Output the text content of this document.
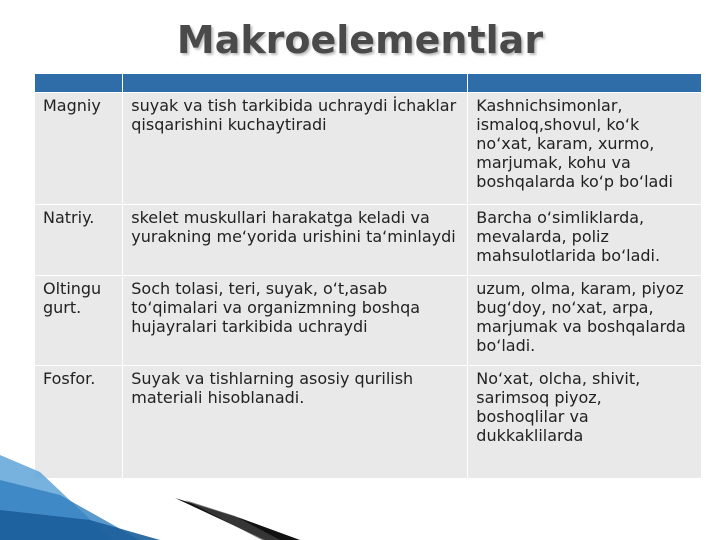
Makroelementlar

Magniy	suyak va tish tarkibida uchraydi İchaklar qisqarishini kuchaytiradi	Kashnichsimonlar, ismaloq,shovul, ko‘k no‘xat, karam, xurmo, marjumak, kohu va boshqalarda ko‘p bo‘ladi
Natriy.	skelet muskullari harakatga keladi va yurakning me‘yorida urishini ta‘minlaydi	Barcha o‘simliklarda, mevalarda, poliz mahsulotlarida bo‘ladi.
Oltingu gurt.	Soch tolasi, teri, suyak, o‘t,asab to‘qimalari va organizmning boshqa hujayralari tarkibida uchraydi	uzum, olma, karam, piyoz bug‘doy, no‘xat, arpa, marjumak va boshqalarda bo‘ladi.
Fosfor.	Suyak va tishlarning asosiy qurilish materiali hisoblanadi.	No‘xat, olcha, shivit, sarimsoq piyoz, boshoqlilar va dukkaklilarda
